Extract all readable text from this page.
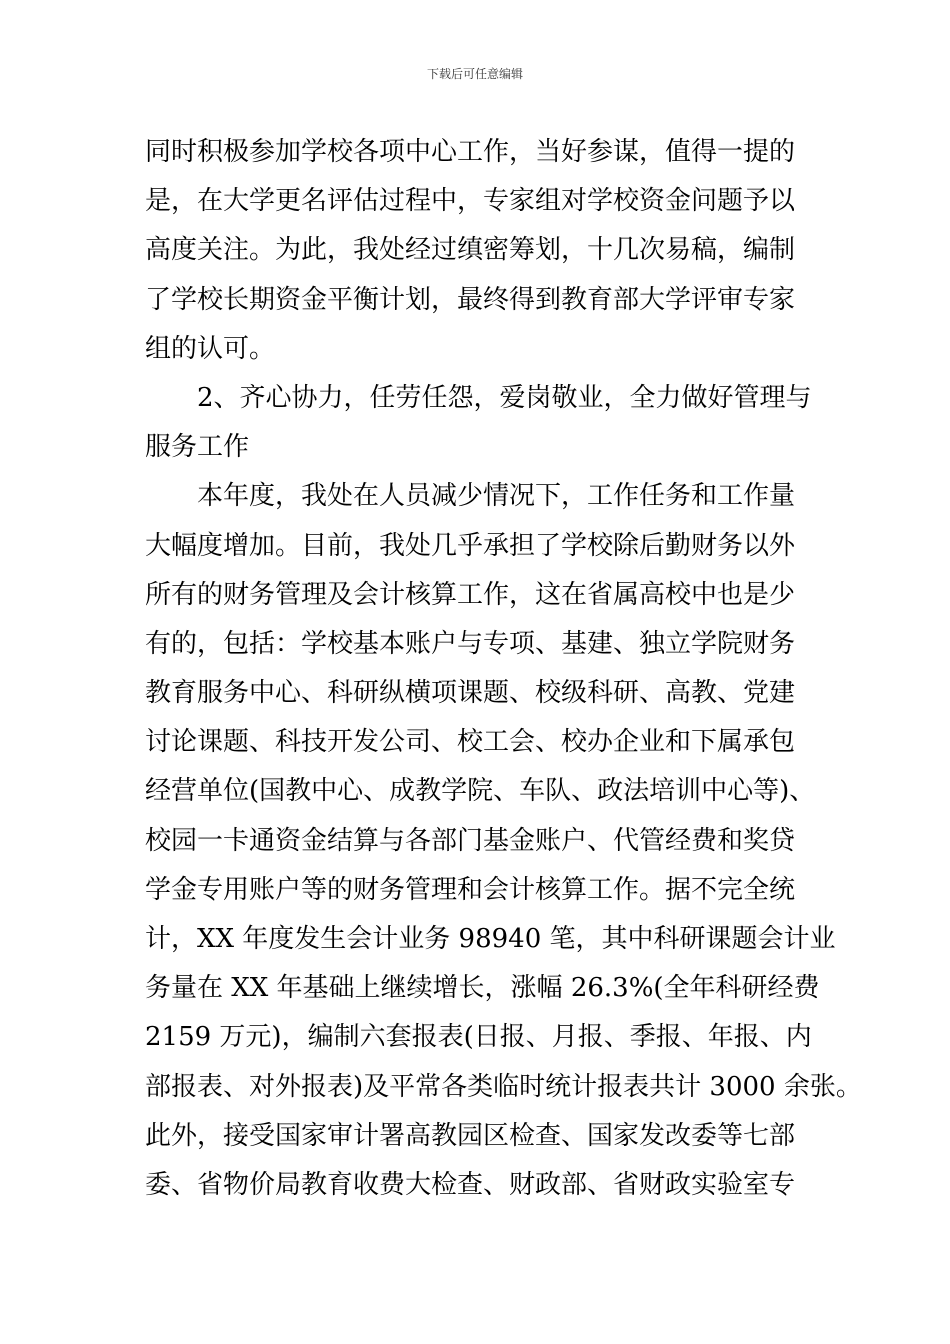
下载后可任意编辑
同时积极参加学校各项中心工作，当好参谋，值得一提的
是，在大学更名评估过程中，专家组对学校资金问题予以
高度关注。为此，我处经过缜密筹划，十几次易稿，编制
了学校长期资金平衡计划，最终得到教育部大学评审专家
组的认可。
2、齐心协力，任劳任怨，爱岗敬业，全力做好管理与
服务工作
本年度，我处在人员减少情况下，工作任务和工作量
大幅度增加。目前，我处几乎承担了学校除后勤财务以外
所有的财务管理及会计核算工作，这在省属高校中也是少
有的，包括：学校基本账户与专项、基建、独立学院财务
教育服务中心、科研纵横项课题、校级科研、高教、党建
讨论课题、科技开发公司、校工会、校办企业和下属承包
经营单位(国教中心、成教学院、车队、政法培训中心等)、
校园一卡通资金结算与各部门基金账户、代管经费和奖贷
学金专用账户等的财务管理和会计核算工作。据不完全统
计，XX 年度发生会计业务 98940 笔，其中科研课题会计业
务量在 XX 年基础上继续增长，涨幅 26.3%(全年科研经费
2159 万元)，编制六套报表(日报、月报、季报、年报、内
部报表、对外报表)及平常各类临时统计报表共计 3000 余张。
此外，接受国家审计署高教园区检查、国家发改委等七部
委、省物价局教育收费大检查、财政部、省财政实验室专
